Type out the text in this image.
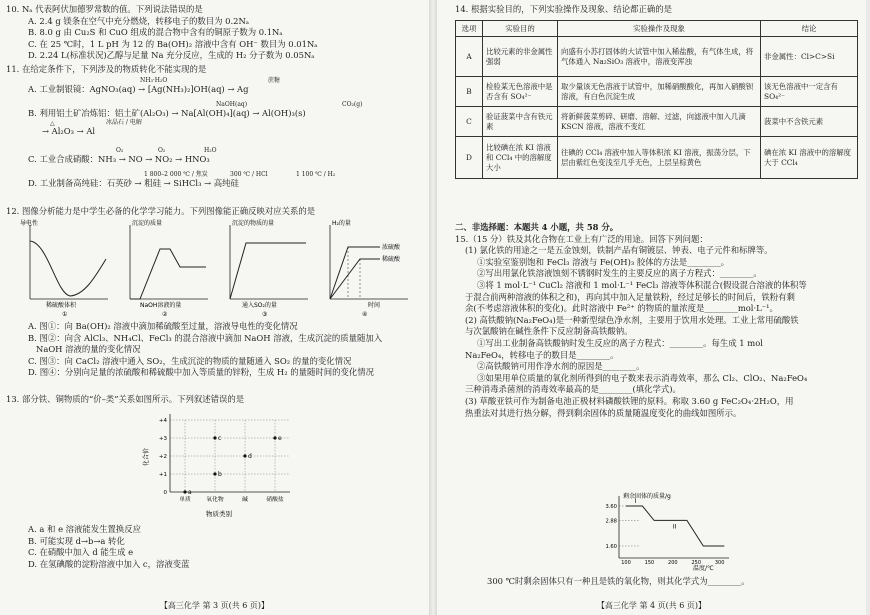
10. Nₐ 代表阿伏加德罗常数的值。下列说法错误的是
A. 2.4 g 镁条在空气中充分燃烧，转移电子的数目为 0.2Nₐ
B. 8.0 g 由 Cu₂S 和 CuO 组成的混合物中含有的铜原子数为 0.1Nₐ
C. 在 25 ℃时，1 L pH 为 12 的 Ba(OH)₂ 溶液中含有 OH⁻ 数目为 0.01Nₐ
D. 2.24 L(标准状况)乙醇与足量 Na 充分反应，生成的 H₂ 分子数为 0.05Nₐ
11. 在给定条件下，下列涉及的物质转化不能实现的是
NH₃·H₂O	蔗糖
A. 工业制银镜：AgNO₃(aq) → [Ag(NH₃)₂]OH(aq) → Ag
NaOH(aq)	CO₂(g)
B. 利用铝土矿冶炼铝：铝土矿(Al₂O₃) → Na[Al(OH)₄](aq) → Al(OH)₃(s)
△	冰晶石 / 电解
→ Al₂O₃ → Al
O₂	O₂	H₂O
C. 工业合成硝酸：NH₃ → NO → NO₂ → HNO₃
1 800–2 000 ℃ / 焦炭	300 ℃ / HCl	1 100 ℃ / H₂
D. 工业制备高纯硅：石英砂 → 粗硅 → SiHCl₃ → 高纯硅
12. 图像分析能力是中学生必备的化学学习能力。下列图像能正确反映对应关系的是
导电性
稀硫酸体积
①
沉淀的质量
NaOH溶液的量
②
沉淀的物质的量
通入SO₂的量
③
H₂的量
浓硫酸
稀硫酸
时间
④
A. 图①：向 Ba(OH)₂ 溶液中滴加稀硫酸至过量，溶液导电性的变化情况
B. 图②：向含 AlCl₃、NH₄Cl、FeCl₃ 的混合溶液中滴加 NaOH 溶液，生成沉淀的质量随加入
NaOH 溶液的量的变化情况
C. 图③：向 CaCl₂ 溶液中通入 SO₂，生成沉淀的物质的量随通入 SO₂ 的量的变化情况
D. 图④：分别向足量的浓硫酸和稀硫酸中加入等质量的锌粉，生成 H₂ 的量随时间的变化情况
13. 部分铁、铜物质的“价–类”关系如图所示。下列叙述错误的是
0
+1
+2
+3
+4
单质	氧化物	碱	硝酸盐
a
b
c
d
e
化合价
物质类别
A. a 和 e 溶液能发生置换反应
B. 可能实现 d→b→a 转化
C. 在硝酸中加入 d 能生成 e
D. 在氢碘酸的淀粉溶液中加入 c，溶液变蓝
【高三化学 第 3 页(共 6 页)】
14. 根据实验目的，下列实验操作及现象、结论都正确的是
选项	实验目的	实验操作及现象	结论
A	比较元素的非金属性强弱	向盛有小苏打固体的大试管中加入稀盐酸，有气体生成，将气体通入 Na₂SiO₃ 溶液中，溶液变浑浊	非金属性：Cl>C>Si
B	检验某无色溶液中是否含有 SO₄²⁻	取少量该无色溶液于试管中，加稀硝酸酸化，再加入硝酸钡溶液，有白色沉淀生成	该无色溶液中一定含有 SO₄²⁻
C	验证菠菜中含有铁元素	将新鲜菠菜剪碎、研磨、溶解、过滤，向滤液中加入几滴 KSCN 溶液，溶液不变红	菠菜中不含铁元素
D	比较碘在浓 KI 溶液和 CCl₄ 中的溶解度大小	往碘的 CCl₄ 溶液中加入等体积浓 KI 溶液，振荡分层，下层由紫红色变浅至几乎无色，上层呈棕黄色	碘在浓 KI 溶液中的溶解度大于 CCl₄
二、非选择题：本题共 4 小题，共 58 分。
15.（15 分）铁及其化合物在工业上有广泛的用途。回答下列问题：
(1) 氯化铁的用途之一是五金蚀刻，铁制产品有铜镀层、钟表、电子元件和标牌等。
①实验室鉴别饱和 FeCl₃ 溶液与 Fe(OH)₃ 胶体的方法是________。
②写出用氯化铁溶液蚀刻不锈钢时发生的主要反应的离子方程式：________。
③将 1 mol·L⁻¹ CuCl₂ 溶液和 1 mol·L⁻¹ FeCl₃ 溶液等体积混合(假设混合溶液的体积等
于混合前两种溶液的体积之和)，再向其中加入足量铁粉，经过足够长的时间后，铁粉有剩
余(不考虑溶液体积的变化)。此时溶液中 Fe²⁺ 的物质的量浓度是________mol·L⁻¹。
(2) 高铁酸钠(Na₂FeO₄)是一种新型绿色净水剂，主要用于饮用水处理。工业上常用硫酸铁
与次氯酸钠在碱性条件下反应制备高铁酸钠。
①写出工业制备高铁酸钠时发生反应的离子方程式：________。每生成 1 mol
Na₂FeO₄，转移电子的数目是________。
②高铁酸钠可用作净水剂的原因是________。
③如果用单位质量的氧化剂所得到的电子数来表示消毒效率，那么 Cl₂、ClO₂、Na₂FeO₄
三种消毒杀菌剂的消毒效率最高的是________(填化学式)。
(3) 草酸亚铁可作为制备电池正极材料磷酸铁锂的原料。称取 3.60 g FeC₂O₄·2H₂O，用
热重法对其进行热分解，得到剩余固体的质量随温度变化的曲线如图所示。
100	150	200	250	300
3.60
2.88
1.60
I
II
剩余固体的质量/g
温度/℃
300 ℃时剩余固体只有一种且是铁的氧化物，则其化学式为________。
【高三化学 第 4 页(共 6 页)】
